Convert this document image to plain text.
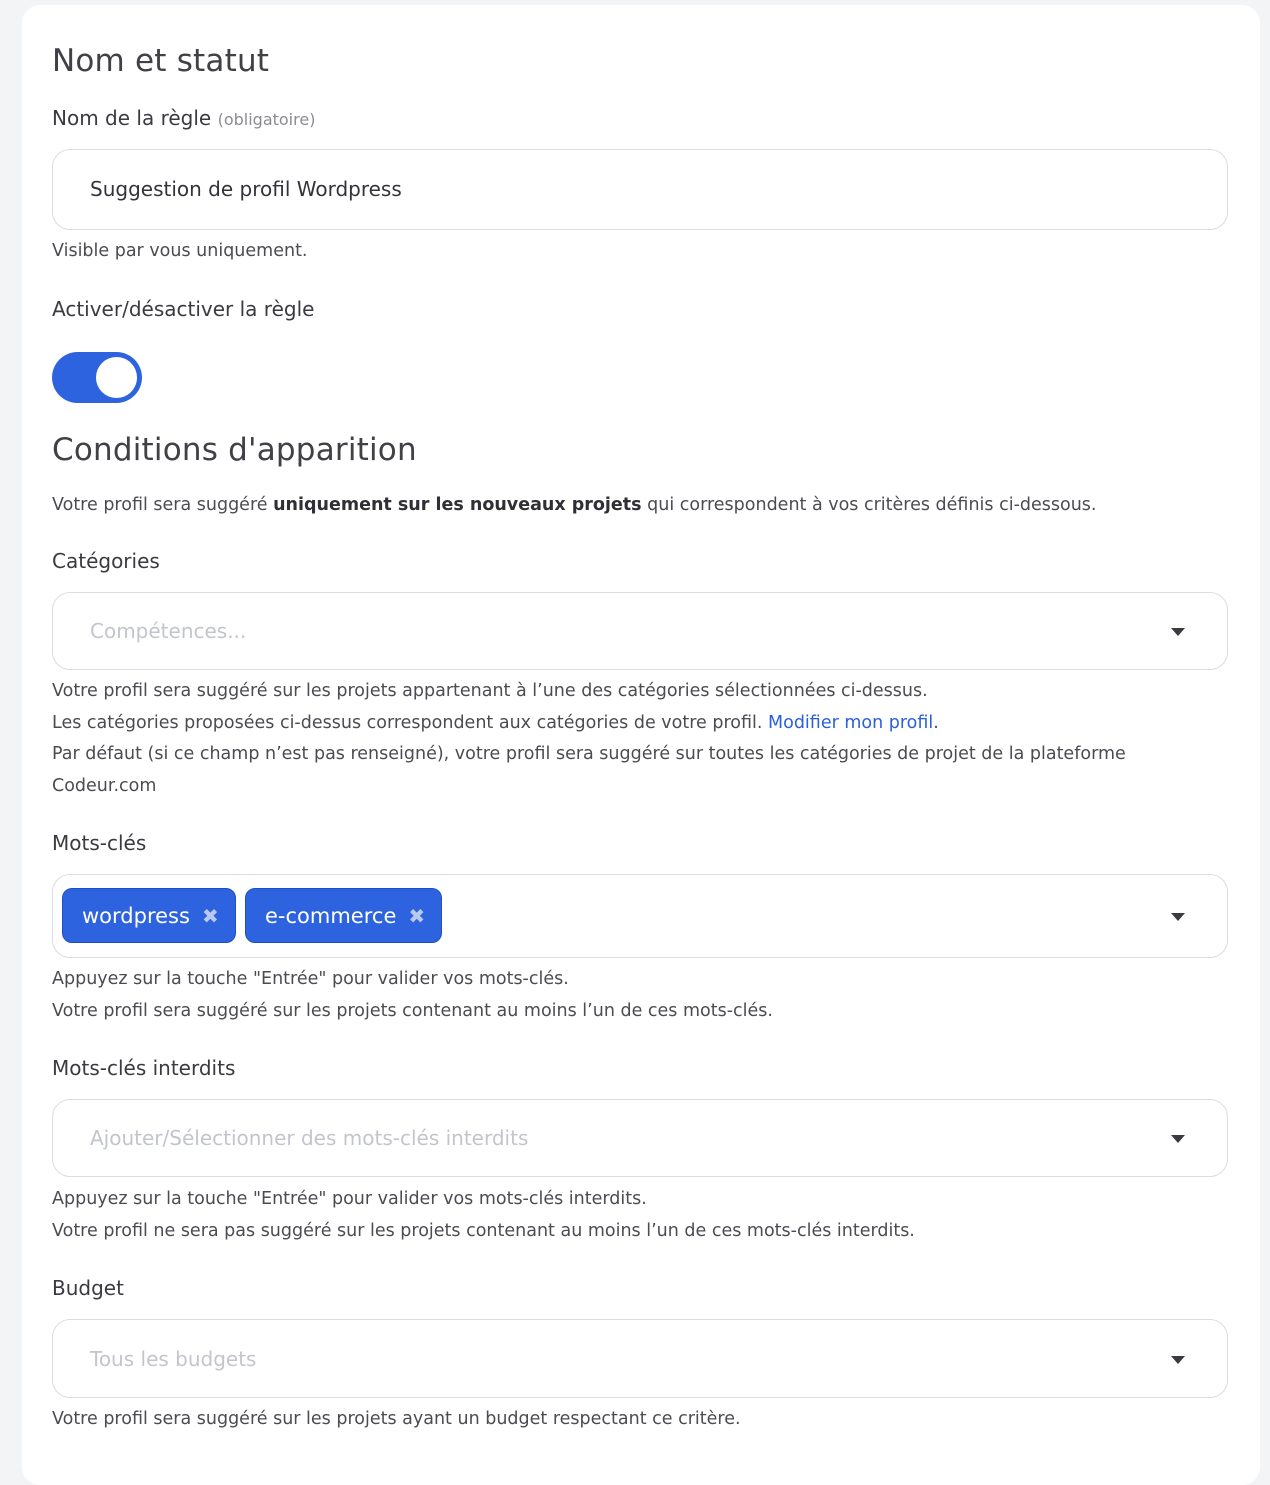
Nom et statut
Nom de la règle (obligatoire)
Suggestion de profil Wordpress
Visible par vous uniquement.
Activer/désactiver la règle
Conditions d'apparition
Votre profil sera suggéré uniquement sur les nouveaux projets qui correspondent à vos critères définis ci-dessous.
Catégories
Compétences...
Votre profil sera suggéré sur les projets appartenant à l’une des catégories sélectionnées ci-dessus.
Les catégories proposées ci-dessus correspondent aux catégories de votre profil. Modifier mon profil.
Par défaut (si ce champ n’est pas renseigné), votre profil sera suggéré sur toutes les catégories de projet de la plateforme Codeur.com
Mots-clés
wordpress ✖ e-commerce ✖
Appuyez sur la touche "Entrée" pour valider vos mots-clés.
Votre profil sera suggéré sur les projets contenant au moins l’un de ces mots-clés.
Mots-clés interdits
Ajouter/Sélectionner des mots-clés interdits
Appuyez sur la touche "Entrée" pour valider vos mots-clés interdits.
Votre profil ne sera pas suggéré sur les projets contenant au moins l’un de ces mots-clés interdits.
Budget
Tous les budgets
Votre profil sera suggéré sur les projets ayant un budget respectant ce critère.
